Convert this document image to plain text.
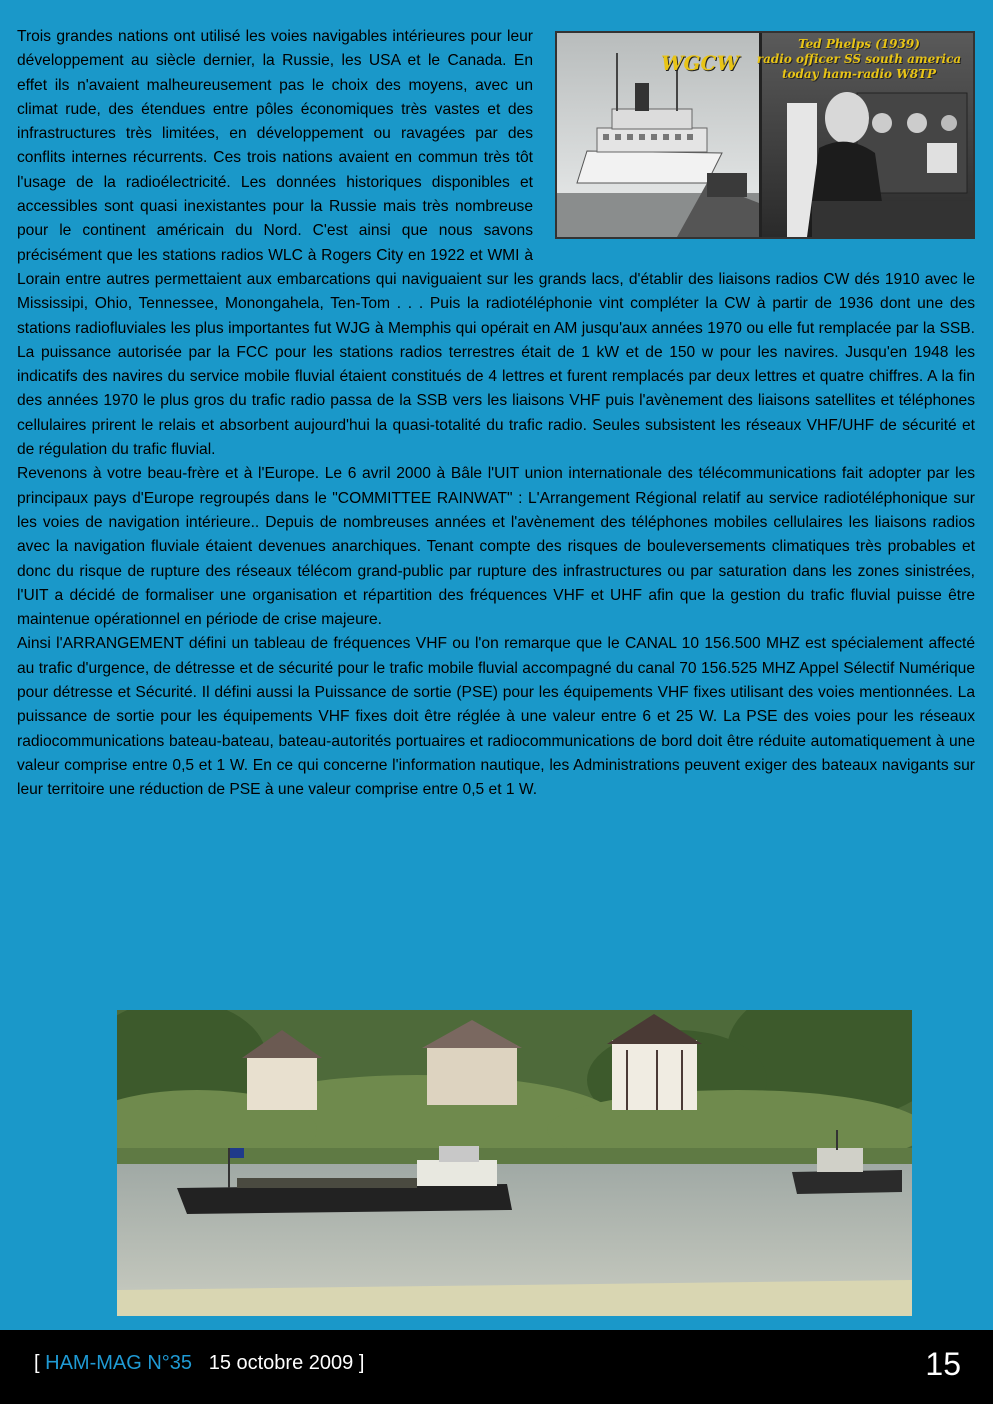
WGCW
Ted Phelps (1939)
radio officer SS south america
today ham-radio W8TP

Trois grandes nations ont utilisé les voies navigables intérieures pour leur développement au siècle dernier, la Russie, les USA et le Canada. En effet ils n'avaient malheureusement pas le choix des moyens, avec un climat rude, des étendues entre pôles économiques très vastes et des infrastructures très limitées, en développement ou ravagées par des conflits internes récurrents. Ces trois nations avaient en commun très tôt l'usage de la radioélectricité. Les données historiques disponibles et accessibles sont quasi inexistantes pour la Russie mais très nombreuse pour le continent américain du Nord. C'est ainsi que nous savons précisément que les stations radios WLC à Rogers City en 1922 et WMI à Lorain entre autres permettaient aux embarcations qui naviguaient sur les grands lacs, d'établir des liaisons radios CW dés 1910 avec le Mississipi, Ohio, Tennessee, Monongahela, Ten-Tom . . . Puis la radiotéléphonie vint compléter la CW à partir de 1936 dont une des stations radiofluviales les plus importantes fut WJG à Memphis qui opérait en AM jusqu'aux années 1970 ou elle fut remplacée par la SSB. La puissance autorisée par la FCC pour les stations radios terrestres était de 1 kW et de 150 w pour les navires. Jusqu'en 1948 les indicatifs des navires du service mobile fluvial étaient constitués de 4 lettres et furent remplacés par deux lettres et quatre chiffres. A la fin des années 1970 le plus gros du trafic radio passa de la SSB vers les liaisons VHF puis l'avènement des liaisons satellites et téléphones cellulaires prirent le relais et absorbent aujourd'hui la quasi-totalité du trafic radio. Seules subsistent les réseaux VHF/UHF de sécurité et de régulation du trafic fluvial.

Revenons à votre beau-frère et à l'Europe. Le 6 avril 2000 à Bâle l'UIT union internationale des télécommunications fait adopter par les principaux pays d'Europe regroupés dans le "COMMITTEE RAINWAT" : L'Arrangement Régional relatif au service radiotéléphonique sur les voies de navigation intérieure.. Depuis de nombreuses années et l'avènement des téléphones mobiles cellulaires les liaisons radios avec la navigation fluviale étaient devenues anarchiques. Tenant compte des risques de bouleversements climatiques très probables et donc du risque de rupture des réseaux télécom grand-public par rupture des infrastructures ou par saturation dans les zones sinistrées, l'UIT a décidé de formaliser une organisation et répartition des fréquences VHF et UHF afin que la gestion du trafic fluvial puisse être maintenue opérationnel en période de crise majeure.

Ainsi l'ARRANGEMENT défini un tableau de fréquences VHF ou l'on remarque que le CANAL 10 156.500 MHZ est spécialement affecté au trafic d'urgence, de détresse et de sécurité pour le trafic mobile fluvial accompagné du canal 70 156.525 MHZ Appel Sélectif Numérique pour détresse et Sécurité. Il défini aussi la Puissance de sortie (PSE) pour les équipements VHF fixes utilisant des voies mentionnées. La puissance de sortie pour les équipements VHF fixes doit être réglée à une valeur entre 6 et 25 W. La PSE des voies pour les réseaux radiocommunications bateau-bateau, bateau-autorités portuaires et radiocommunications de bord doit être réduite automatiquement à une valeur comprise entre 0,5 et 1 W. En ce qui concerne l'information nautique, les Administrations peuvent exiger des bateaux navigants sur leur territoire une réduction de PSE à une valeur comprise entre 0,5 et 1 W.

[ HAM-MAG N°35 15 octobre 2009 ]	15
